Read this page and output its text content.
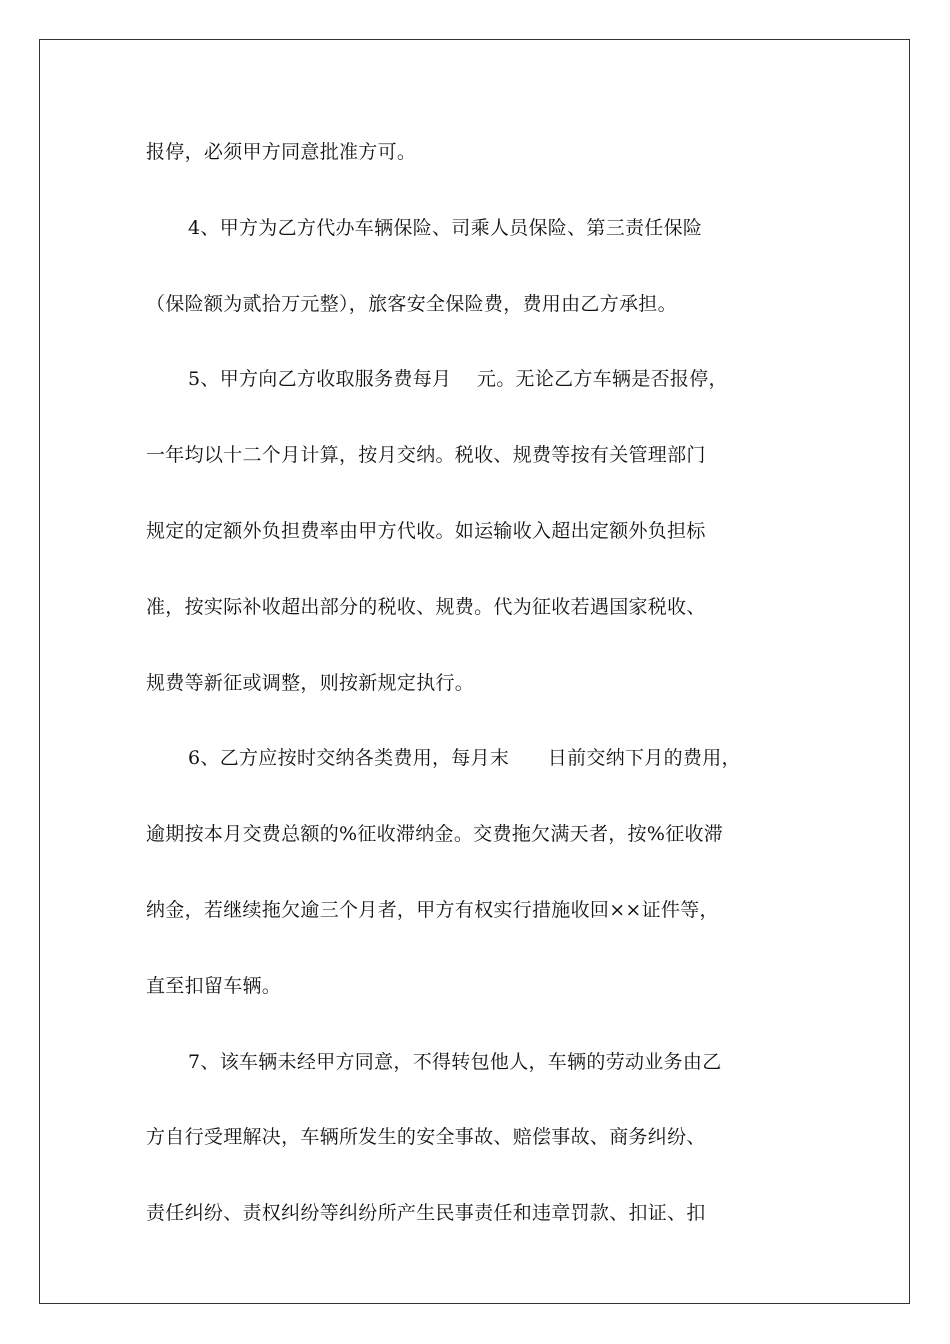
报停，必须甲方同意批准方可。
4、甲方为乙方代办车辆保险、司乘人员保险、第三责任保险
（保险额为贰拾万元整），旅客安全保险费，费用由乙方承担。
5、甲方向乙方收取服务费每月　 元。无论乙方车辆是否报停，
一年均以十二个月计算，按月交纳。税收、规费等按有关管理部门
规定的定额外负担费率由甲方代收。如运输收入超出定额外负担标
准，按实际补收超出部分的税收、规费。代为征收若遇国家税收、
规费等新征或调整，则按新规定执行。
6、乙方应按时交纳各类费用，每月末　　日前交纳下月的费用，
逾期按本月交费总额的%征收滞纳金。交费拖欠满天者，按%征收滞
纳金，若继续拖欠逾三个月者，甲方有权实行措施收回××证件等，
直至扣留车辆。
7、该车辆未经甲方同意，不得转包他人，车辆的劳动业务由乙
方自行受理解决，车辆所发生的安全事故、赔偿事故、商务纠纷、
责任纠纷、责权纠纷等纠纷所产生民事责任和违章罚款、扣证、扣
